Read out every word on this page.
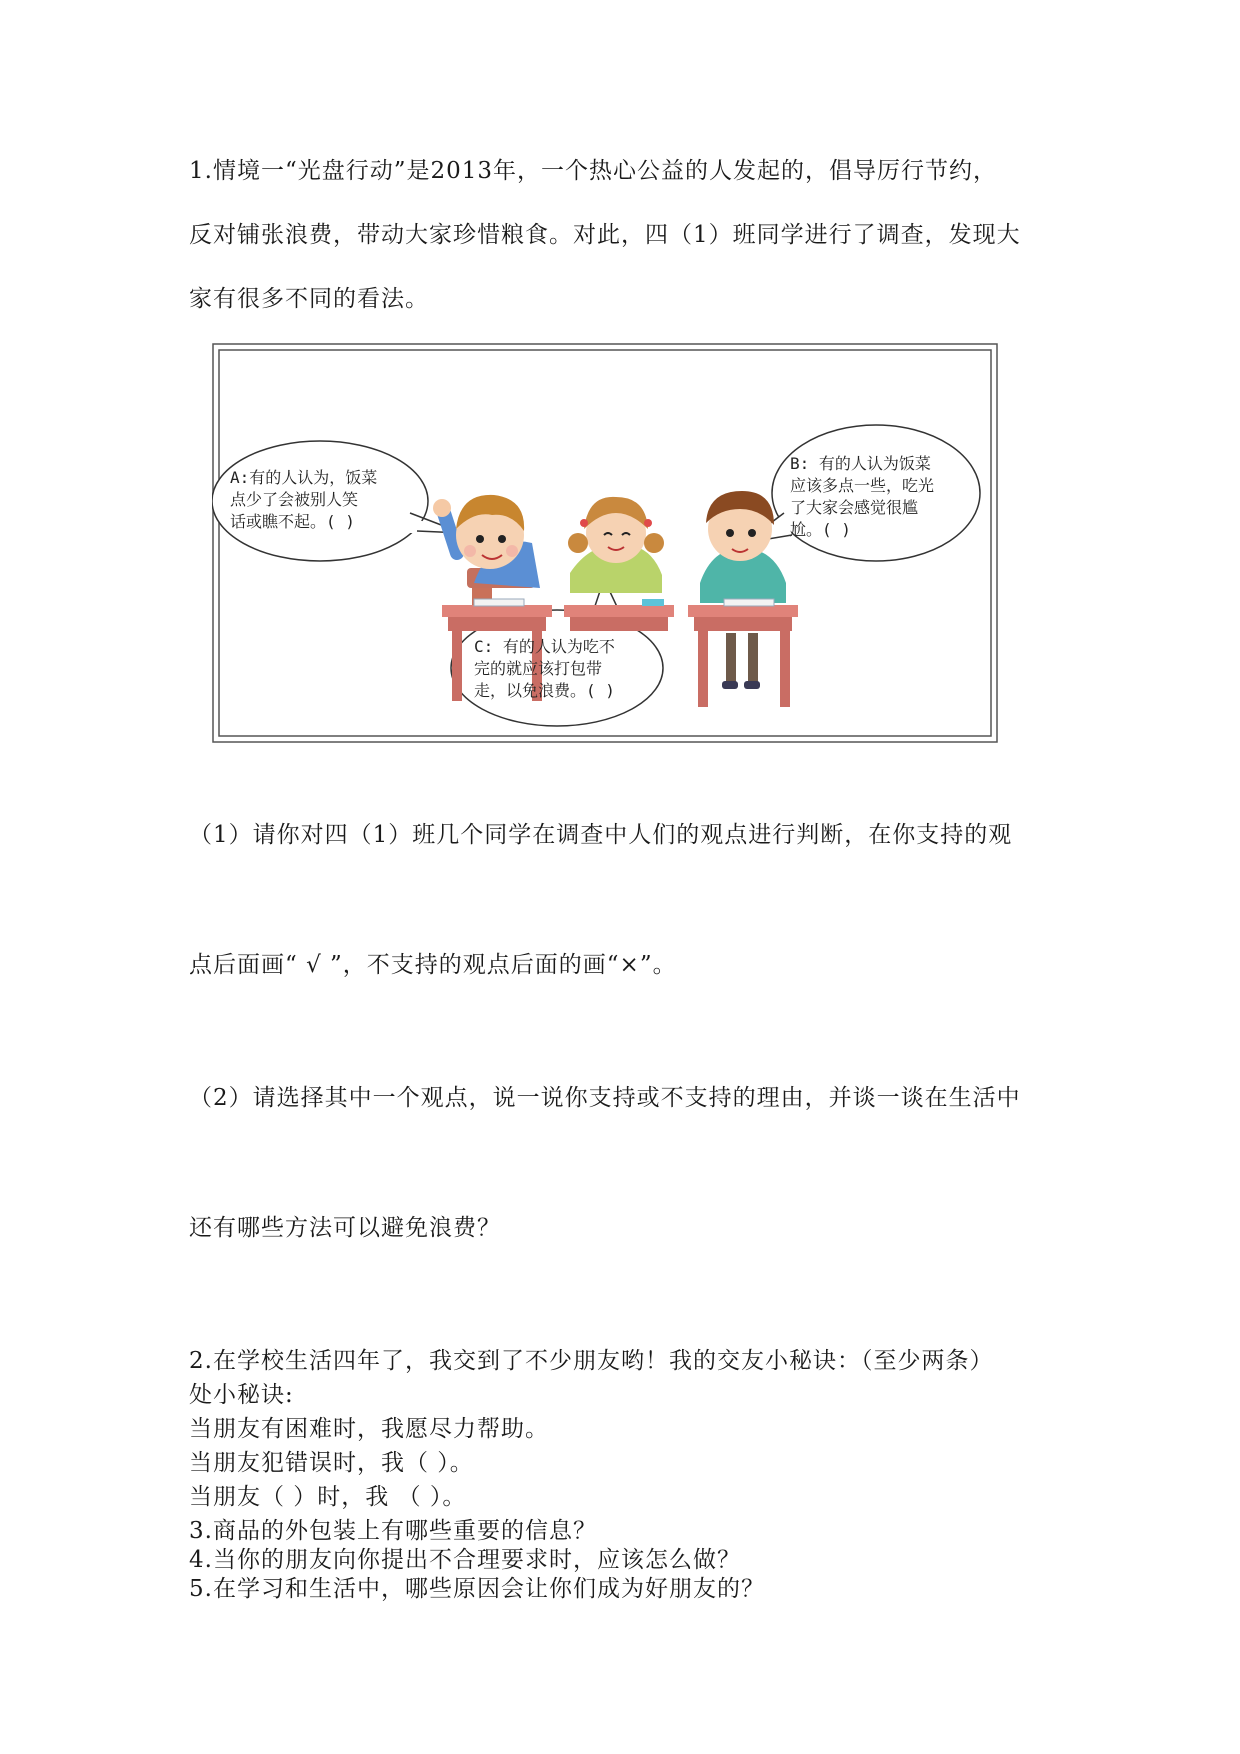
1.情境一“光盘行动”是2013年，一个热心公益的人发起的，倡导厉行节约，
反对铺张浪费，带动大家珍惜粮食。对此，四（1）班同学进行了调查，发现大
家有很多不同的看法。
A:有的人认为，饭菜
点少了会被别人笑
话或瞧不起。( )
B: 有的人认为饭菜
应该多点一些，吃光
了大家会感觉很尴
尬。( )
C: 有的人认为吃不
完的就应该打包带
走，以免浪费。( )
（1）请你对四（1）班几个同学在调查中人们的观点进行判断，在你支持的观
点后面画“ √ ”，不支持的观点后面的画“×”。
（2）请选择其中一个观点，说一说你支持或不支持的理由，并谈一谈在生活中
还有哪些方法可以避免浪费？
2.在学校生活四年了，我交到了不少朋友哟！我的交友小秘诀：（至少两条）
处小秘诀:
当朋友有困难时，我愿尽力帮助。
当朋友犯错误时，我（ ）。
当朋友（ ）时，我 （ ）。
3.商品的外包装上有哪些重要的信息？
4.当你的朋友向你提出不合理要求时，应该怎么做？
5.在学习和生活中，哪些原因会让你们成为好朋友的？
